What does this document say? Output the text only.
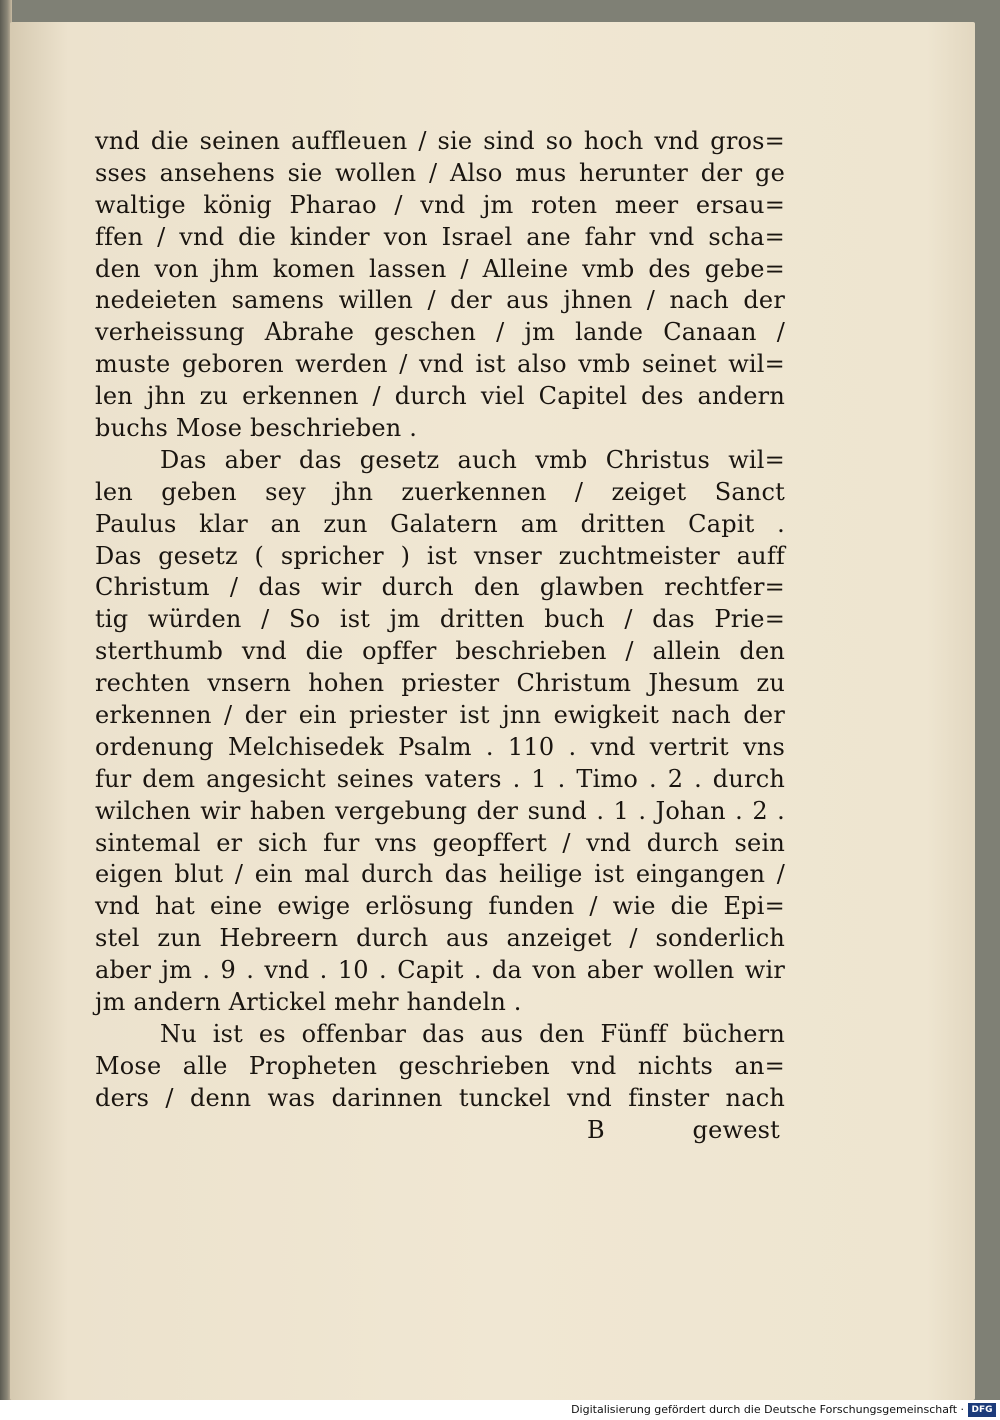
vnd die seinen auffleuen / sie sind so hoch vnd gros=
sses ansehens sie wollen / Also mus herunter der ge
waltige könig Pharao / vnd jm roten meer ersau=
ffen / vnd die kinder von Israel ane fahr vnd scha=
den von jhm komen lassen / Alleine vmb des gebe=
nedeieten samens willen / der aus jhnen / nach der
verheissung Abrahe geschen / jm lande Canaan /
muste geboren werden / vnd ist also vmb seinet wil=
len jhn zu erkennen / durch viel Capitel des andern
buchs Mose beschrieben .
Das aber das gesetz auch vmb Christus wil=
len geben sey jhn zuerkennen / zeiget Sanct
Paulus klar an zun Galatern am dritten Capit .
Das gesetz ( spricher ) ist vnser zuchtmeister auff
Christum / das wir durch den glawben rechtfer=
tig würden / So ist jm dritten buch / das Prie=
sterthumb vnd die opffer beschrieben / allein den
rechten vnsern hohen priester Christum Jhesum zu
erkennen / der ein priester ist jnn ewigkeit nach der
ordenung Melchisedek Psalm . 110 . vnd vertrit vns
fur dem angesicht seines vaters . 1 . Timo . 2 . durch
wilchen wir haben vergebung der sund . 1 . Johan . 2 .
sintemal er sich fur vns geopffert / vnd durch sein
eigen blut / ein mal durch das heilige ist eingangen /
vnd hat eine ewige erlösung funden / wie die Epi=
stel zun Hebreern durch aus anzeiget / sonderlich
aber jm . 9 . vnd . 10 . Capit . da von aber wollen wir
jm andern Artickel mehr handeln .
Nu ist es offenbar das aus den Fünff büchern
Mose alle Propheten geschrieben vnd nichts an=
ders / denn was darinnen tunckel vnd finster nach
B	gewest
Digitalisierung gefördert durch die Deutsche Forschungsgemeinschaft · DFG
